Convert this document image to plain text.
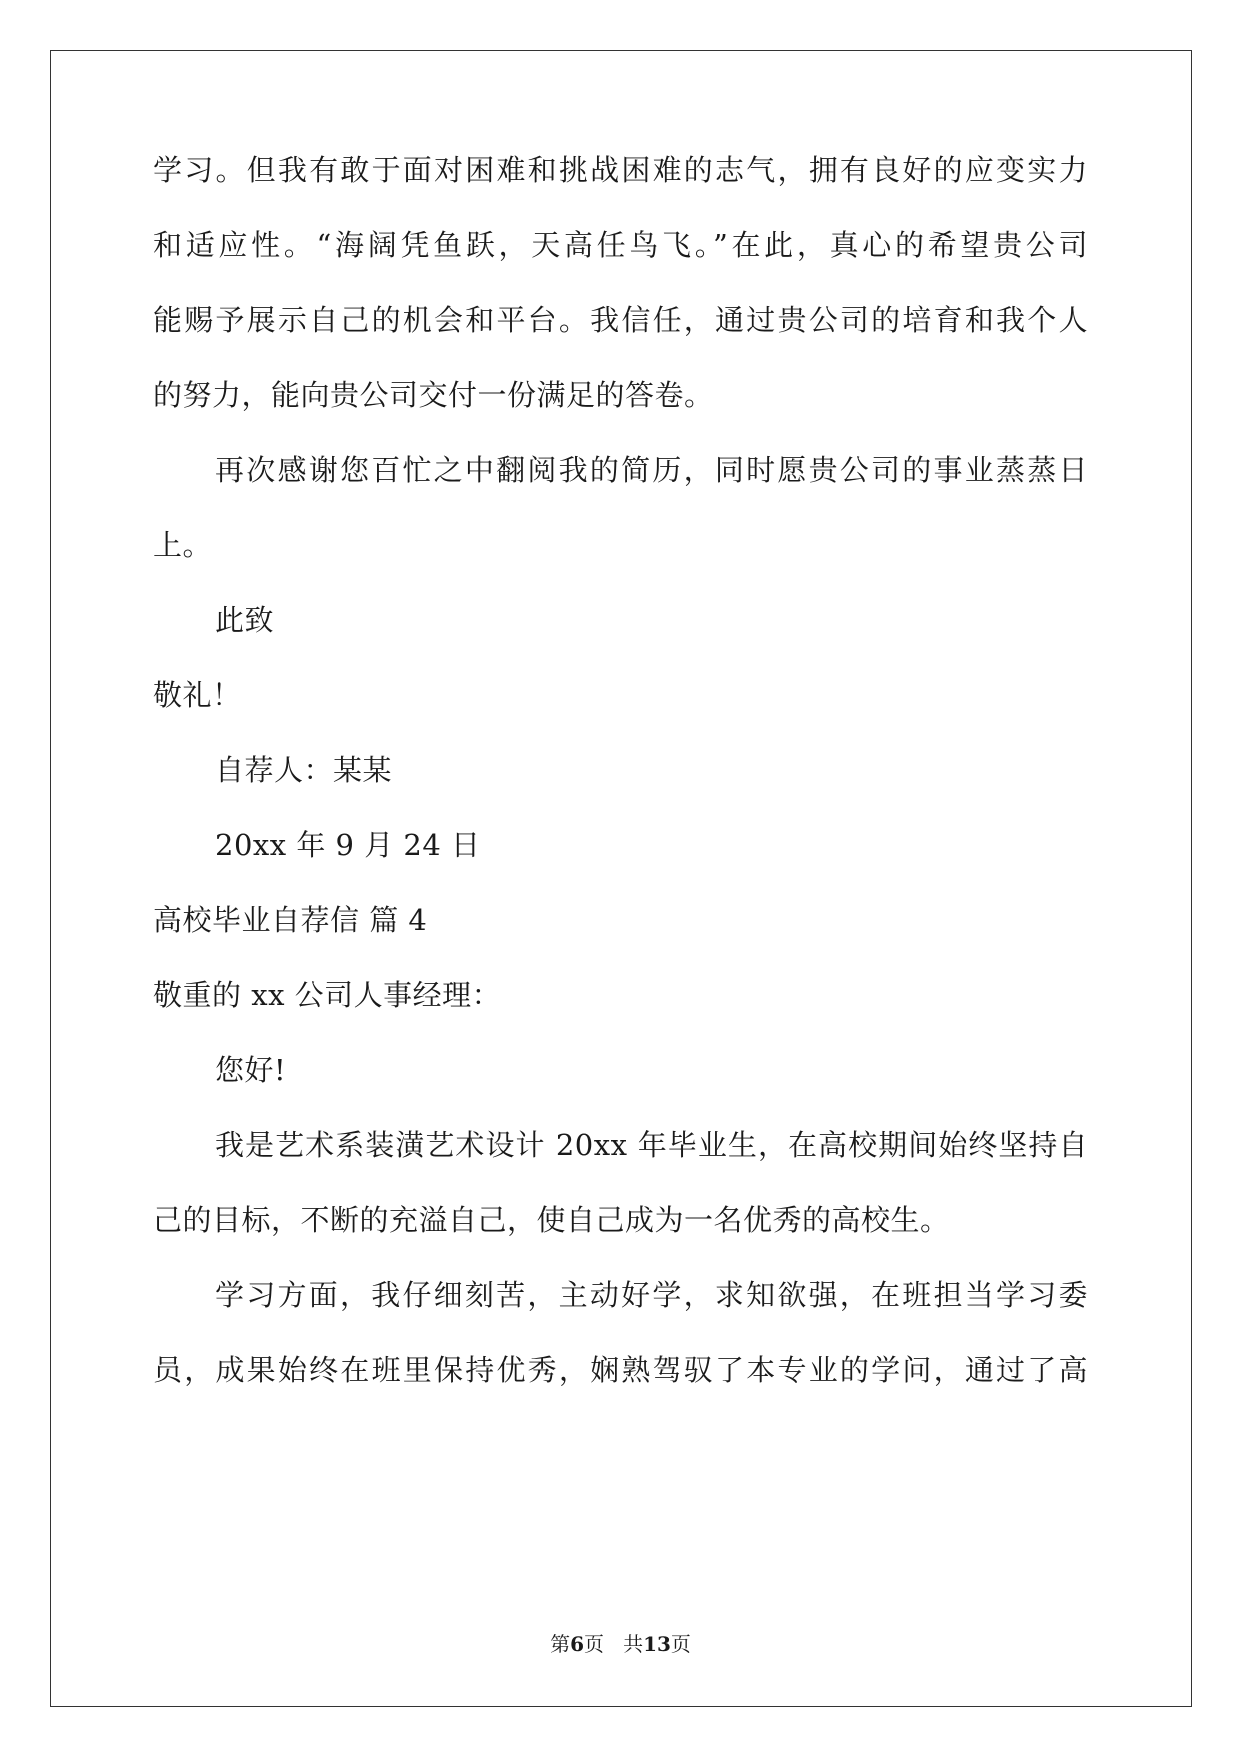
学习。但我有敢于面对困难和挑战困难的志气，拥有良好的应变实力
和适应性。“海阔凭鱼跃，天高任鸟飞。”在此，真心的希望贵公司
能赐予展示自己的机会和平台。我信任，通过贵公司的培育和我个人
的努力，能向贵公司交付一份满足的答卷。
再次感谢您百忙之中翻阅我的简历，同时愿贵公司的事业蒸蒸日
上。
此致
敬礼！
自荐人：某某
20xx 年 9 月 24 日
高校毕业自荐信 篇 4
敬重的 xx 公司人事经理：
您好!
我是艺术系装潢艺术设计 20xx 年毕业生，在高校期间始终坚持自
己的目标，不断的充溢自己，使自己成为一名优秀的高校生。
学习方面，我仔细刻苦，主动好学，求知欲强，在班担当学习委
员，成果始终在班里保持优秀，娴熟驾驭了本专业的学问，通过了高
第6页 共13页
